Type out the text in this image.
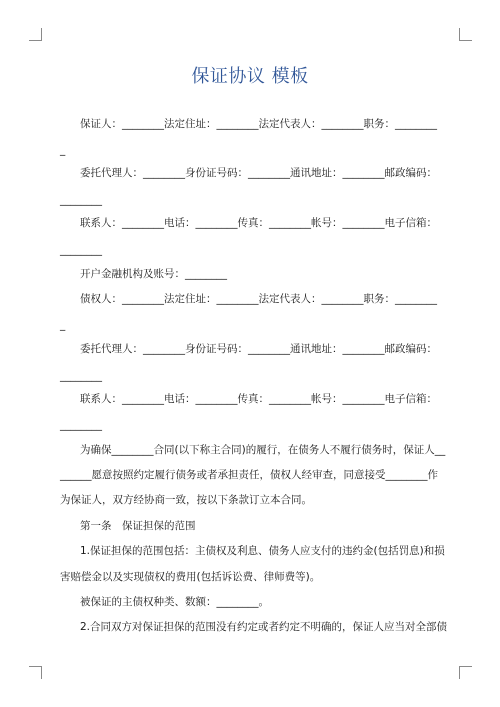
保证协议 模板
保证人：________法定住址：________法定代表人：________职务：________
_
委托代理人：________身份证号码：________通讯地址：________邮政编码：
________
联系人：________电话：________传真：________帐号：________电子信箱：
________
开户金融机构及账号：________
债权人：________法定住址：________法定代表人：________职务：________
_
委托代理人：________身份证号码：________通讯地址：________邮政编码：
________
联系人：________电话：________传真：________帐号：________电子信箱：
________
为确保________合同(以下称主合同)的履行，在债务人不履行债务时，保证人__
______愿意按照约定履行债务或者承担责任，债权人经审查，同意接受________作
为保证人，双方经协商一致，按以下条款订立本合同。
第一条　保证担保的范围
1.保证担保的范围包括：主债权及利息、债务人应支付的违约金(包括罚息)和损
害赔偿金以及实现债权的费用(包括诉讼费、律师费等)。
被保证的主债权种类、数额：________。
2.合同双方对保证担保的范围没有约定或者约定不明确的，保证人应当对全部债
